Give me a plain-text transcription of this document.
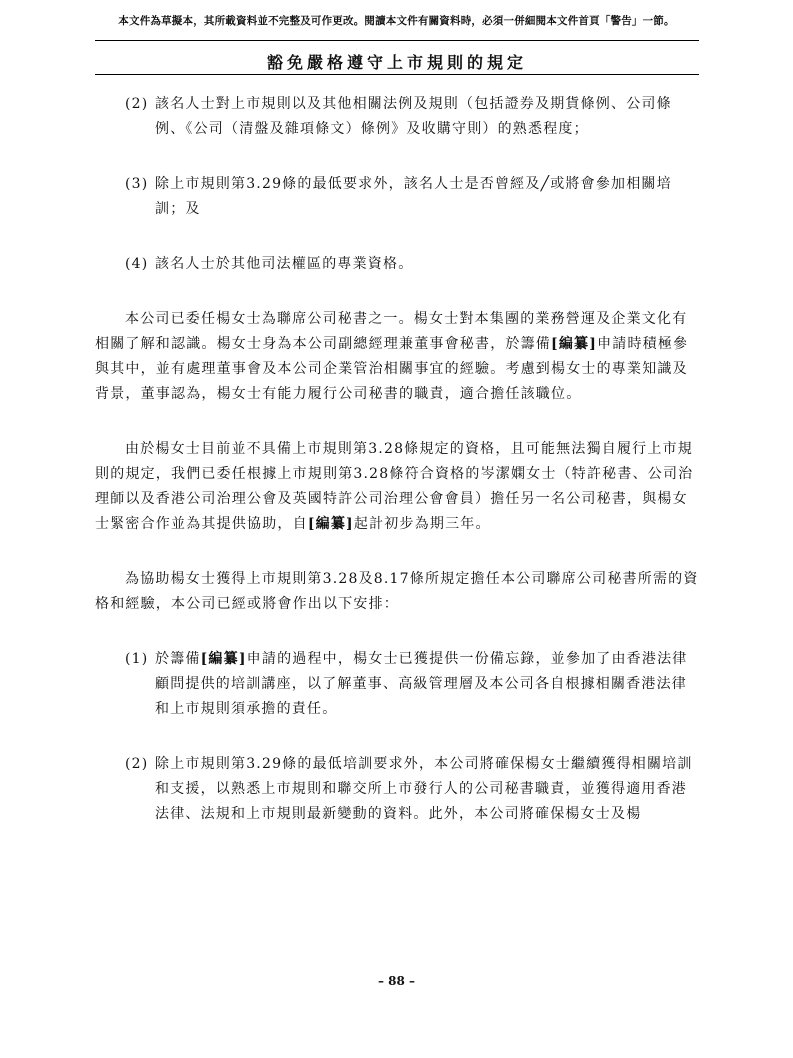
本文件為草擬本，其所載資料並不完整及可作更改。閱讀本文件有關資料時，必須一併細閱本文件首頁「警告」一節。
豁免嚴格遵守上市規則的規定
(2) 該名人士對上市規則以及其他相關法例及規則（包括證券及期貨條例、公司條例、《公司（清盤及雜項條文）條例》及收購守則）的熟悉程度；
(3) 除上市規則第3.29條的最低要求外，該名人士是否曾經及╱或將會參加相關培訓；及
(4) 該名人士於其他司法權區的專業資格。

本公司已委任楊女士為聯席公司秘書之一。楊女士對本集團的業務營運及企業文化有相關了解和認識。楊女士身為本公司副總經理兼董事會秘書，於籌備[編纂]申請時積極參與其中，並有處理董事會及本公司企業管治相關事宜的經驗。考慮到楊女士的專業知識及背景，董事認為，楊女士有能力履行公司秘書的職責，適合擔任該職位。

由於楊女士目前並不具備上市規則第3.28條規定的資格，且可能無法獨自履行上市規則的規定，我們已委任根據上市規則第3.28條符合資格的岑潔嫻女士（特許秘書、公司治理師以及香港公司治理公會及英國特許公司治理公會會員）擔任另一名公司秘書，與楊女士緊密合作並為其提供協助，自[編纂]起計初步為期三年。

為協助楊女士獲得上市規則第3.28及8.17條所規定擔任本公司聯席公司秘書所需的資格和經驗，本公司已經或將會作出以下安排：

(1) 於籌備[編纂]申請的過程中，楊女士已獲提供一份備忘錄，並參加了由香港法律顧問提供的培訓講座，以了解董事、高級管理層及本公司各自根據相關香港法律和上市規則須承擔的責任。
(2) 除上市規則第3.29條的最低培訓要求外，本公司將確保楊女士繼續獲得相關培訓和支援，以熟悉上市規則和聯交所上市發行人的公司秘書職責，並獲得適用香港法律、法規和上市規則最新變動的資料。此外，本公司將確保楊女士及楊
– 88 –
